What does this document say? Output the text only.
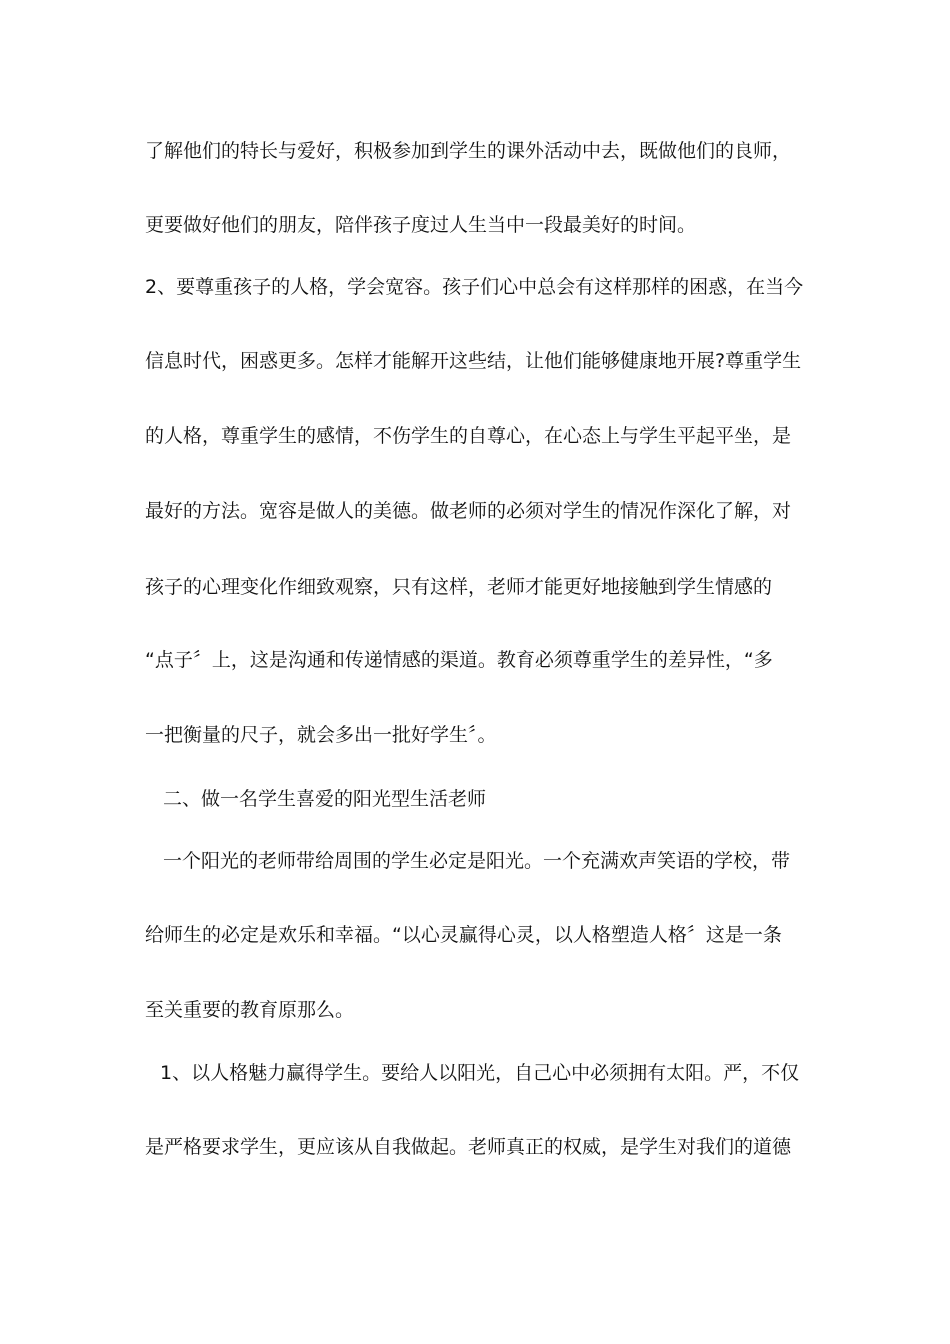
了解他们的特长与爱好，积极参加到学生的课外活动中去，既做他们的良师，
更要做好他们的朋友，陪伴孩子度过人生当中一段最美好的时间。
2、要尊重孩子的人格，学会宽容。孩子们心中总会有这样那样的困惑，在当今
信息时代，困惑更多。怎样才能解开这些结，让他们能够健康地开展?尊重学生
的人格，尊重学生的感情，不伤学生的自尊心，在心态上与学生平起平坐，是
最好的方法。宽容是做人的美德。做老师的必须对学生的情况作深化了解，对
孩子的心理变化作细致观察，只有这样，老师才能更好地接触到学生情感的
“点子〞上，这是沟通和传递情感的渠道。教育必须尊重学生的差异性，“多
一把衡量的尺子，就会多出一批好学生〞。
二、做一名学生喜爱的阳光型生活老师
一个阳光的老师带给周围的学生必定是阳光。一个充满欢声笑语的学校，带
给师生的必定是欢乐和幸福。“以心灵赢得心灵，以人格塑造人格〞这是一条
至关重要的教育原那么。
1、以人格魅力赢得学生。要给人以阳光，自己心中必须拥有太阳。严，不仅
是严格要求学生，更应该从自我做起。老师真正的权威，是学生对我们的道德
